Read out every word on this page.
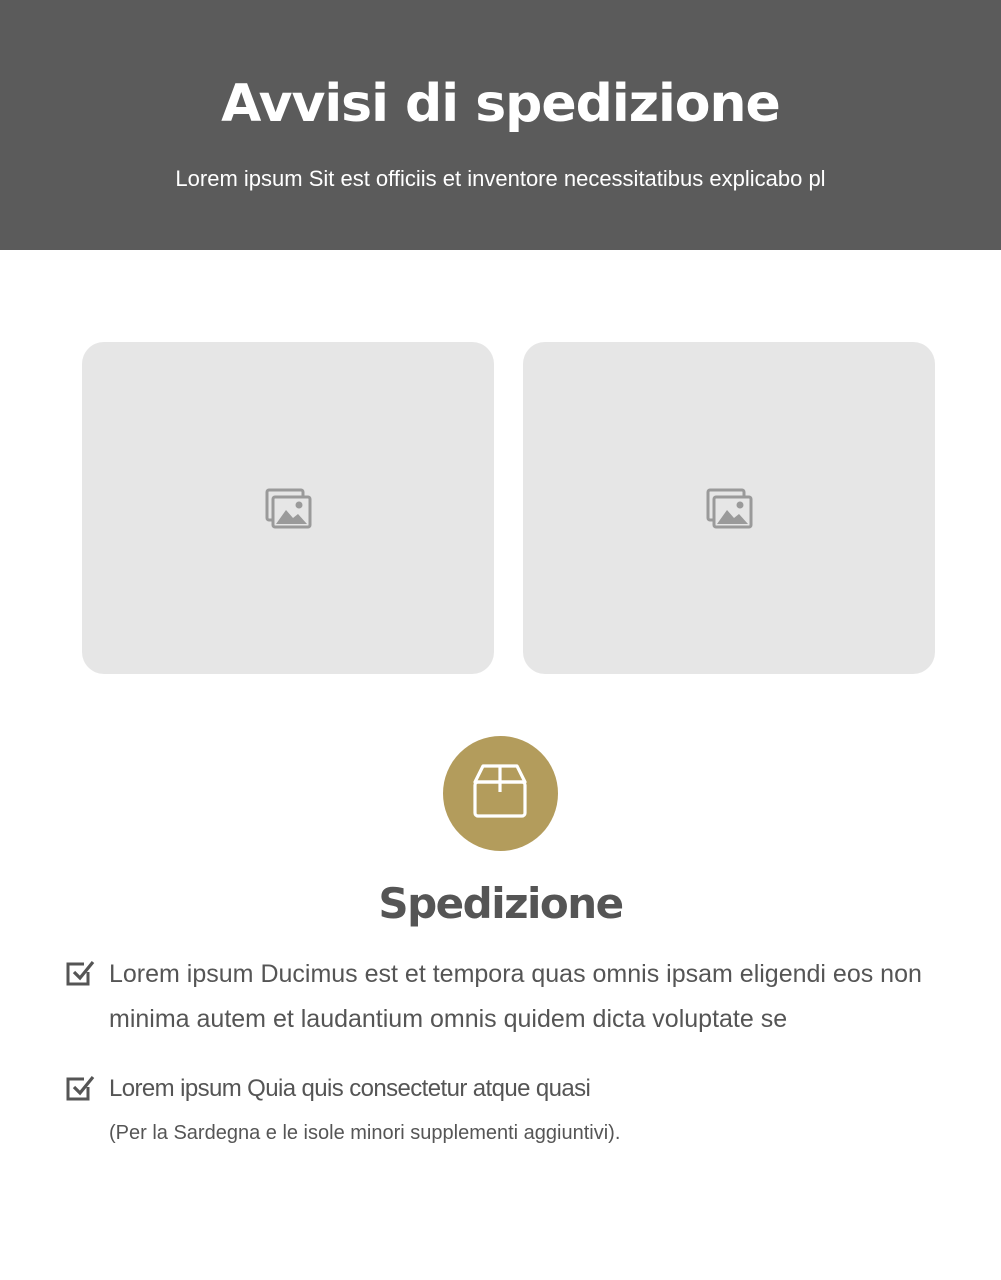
Avvisi di spedizione

Lorem ipsum Sit est officiis et inventore necessitatibus explicabo pl

Spedizione

Lorem ipsum Ducimus est et tempora quas omnis ipsam eligendi eos non minima autem et laudantium omnis quidem dicta voluptate se

Lorem ipsum Quia quis consectetur atque quasi

(Per la Sardegna e le isole minori supplementi aggiuntivi).
